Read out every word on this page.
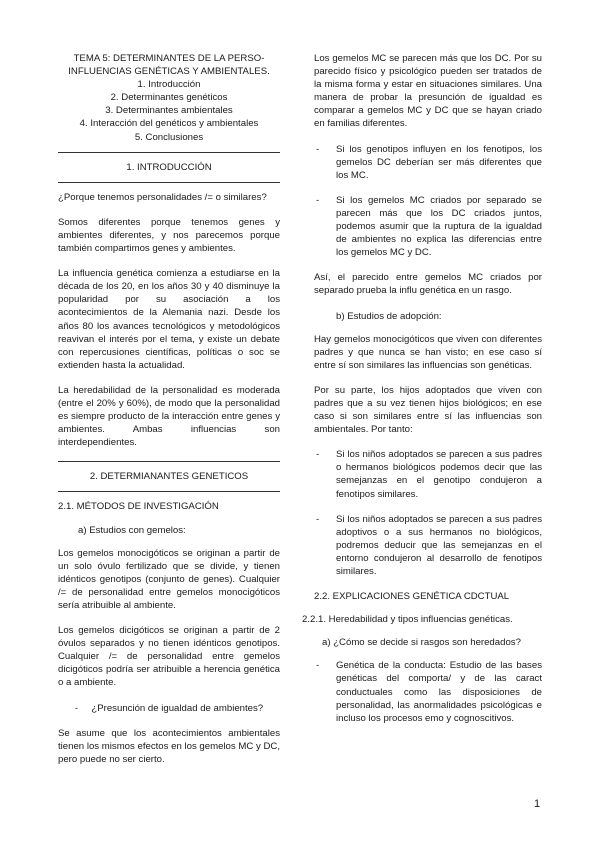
TEMA 5: DETERMINANTES DE LA PERSO-
INFLUENCIAS GENÉTICAS Y AMBIENTALES.
1. Introducción
2. Determinantes genéticos
3. Determinantes ambientales
4. Interacción del genéticos y ambientales
5. Conclusiones
1. INTRODUCCIÓN

¿Porque tenemos personalidades /= o similares?

Somos diferentes porque tenemos genes y ambientes diferentes, y nos parecemos porque también compartimos genes y ambientes.

La influencia genética comienza a estudiarse en la década de los 20, en los años 30 y 40 disminuye la popularidad por su asociación a los acontecimientos de la Alemania nazi. Desde los años 80 los avances tecnológicos y metodológicos reavivan el interés por el tema, y existe un debate con repercusiones científicas, políticas o soc se extienden hasta la actualidad.

La heredabilidad de la personalidad es moderada (entre el 20% y 60%), de modo que la personalidad es siempre producto de la interacción entre genes y ambientes. Ambas influencias son interdependientes.

2. DETERMIANANTES GENETICOS
2.1. MÉTODOS DE INVESTIGACIÓN
a) Estudios con gemelos:

Los gemelos monocigóticos se originan a partir de un solo óvulo fertilizado que se divide, y tienen idénticos genotipos (conjunto de genes). Cualquier /= de personalidad entre gemelos monocigóticos sería atribuible al ambiente.

Los gemelos dicigóticos se originan a partir de 2 óvulos separados y no tienen idénticos genotipos. Cualquier /= de personalidad entre gemelos dicigóticos podría ser atribuible a herencia genética o a ambiente.

- ¿Presunción de igualdad de ambientes?

Se asume que los acontecimientos ambientales tienen los mismos efectos en los gemelos MC y DC, pero puede no ser cierto.

Los gemelos MC se parecen más que los DC. Por su parecido físico y psicológico pueden ser tratados de la misma forma y estar en situaciones similares. Una manera de probar la presunción de igualdad es comparar a gemelos MC y DC que se hayan criado en familias diferentes.

- Si los genotipos influyen en los fenotipos, los gemelos DC deberían ser más diferentes que los MC.
- Si los gemelos MC criados por separado se parecen más que los DC criados juntos, podemos asumir que la ruptura de la igualdad de ambientes no explica las diferencias entre los gemelos MC y DC.

Así, el parecido entre gemelos MC criados por separado prueba la influ genética en un rasgo.

b) Estudios de adopción:

Hay gemelos monocigóticos que viven con diferentes padres y que nunca se han visto; en ese caso sí entre sí son similares las influencias son genéticas.

Por su parte, los hijos adoptados que viven con padres que a su vez tienen hijos biológicos; en ese caso si son similares entre sí las influencias son ambientales. Por tanto:

- Si los niños adoptados se parecen a sus padres o hermanos biológicos podemos decir que las semejanzas en el genotipo condujeron a fenotipos similares.
- Si los niños adoptados se parecen a sus padres adoptivos o a sus hermanos no biológicos, podremos deducir que las semejanzas en el entorno condujeron al desarrollo de fenotipos similares.
2.2. EXPLICACIONES GENÉTICA CDCTUAL
2.2.1. Heredabilidad y tipos influencias genéticas.
a) ¿Cómo se decide si rasgos son heredados?
- Genética de la conducta: Estudio de las bases genéticas del comporta/ y de las caract conductuales como las disposiciones de personalidad, las anormalidades psicológicas e incluso los procesos emo y cognoscitivos.
1
